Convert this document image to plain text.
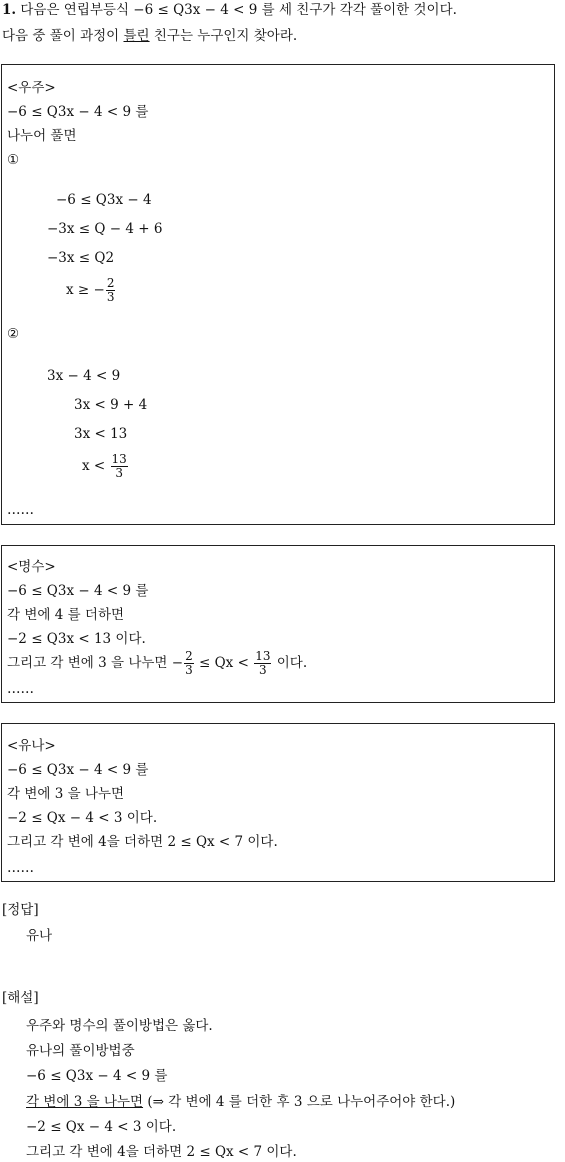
1. 다음은 연립부등식 −6 ≤ Q3x − 4 < 9 를 세 친구가 각각 풀이한 것이다.
다음 중 풀이 과정이 틀린 친구는 누구인지 찾아라.
<우주>
−6 ≤ Q3x − 4 < 9 를
나누어 풀면
①
−6 ≤ Q3x − 4
−3x ≤ Q − 4 + 6
−3x ≤ Q2
x ≥ − $\frac{2}{3}$
②
3x − 4 < 9
3x < 9 + 4
3x < 13
$x < \frac{13}{3}$
……
<명수>
−6 ≤ Q3x − 4 < 9 를
각 변에 4 를 더하면
−2 ≤ Q3x < 13 이다.
그리고 각 변에 3 을 나누면 − $\frac{2}{3} \le Qx < \frac{13}{3}$ 이다.
……
<유나>
−6 ≤ Q3x − 4 < 9 를
각 변에 3 을 나누면
−2 ≤ Qx − 4 < 3 이다.
그리고 각 변에 4을 더하면 2 ≤ Qx < 7 이다.
……
[정답]
유나
[해설]
우주와 명수의 풀이방법은 옳다.
유나의 풀이방법중
−6 ≤ Q3x − 4 < 9 를
각 변에 3 을 나누면 (⇒ 각 변에 4 를 더한 후 3 으로 나누어주어야 한다.)
−2 ≤ Qx − 4 < 3 이다.
그리고 각 변에 4을 더하면 2 ≤ Qx < 7 이다.
